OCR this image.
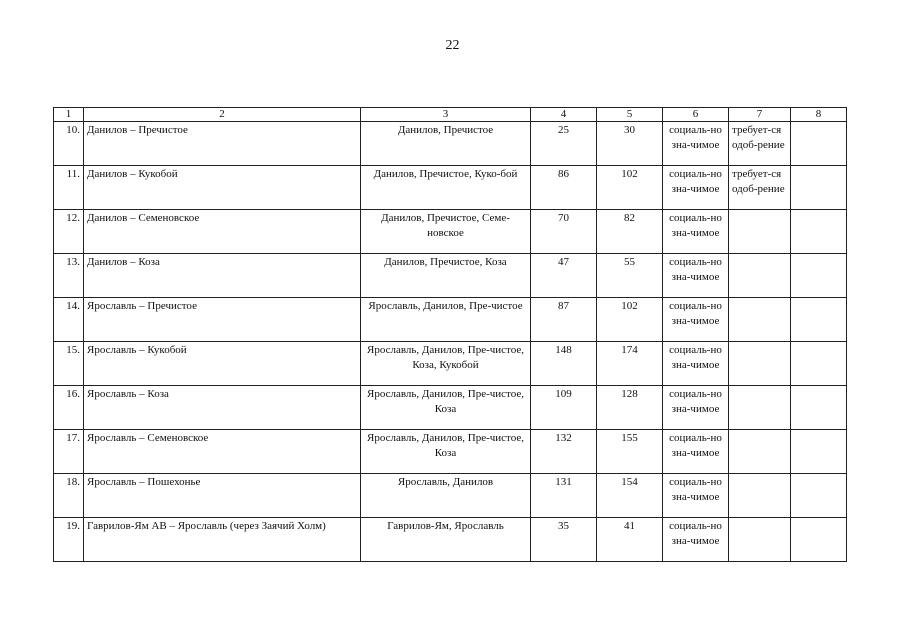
22
1	2	3	4	5	6	7	8
10.	Данилов – Пречистое	Данилов, Пречистое	25	30	социаль-но зна-чимое	требует-ся одоб-рение	
11.	Данилов – Кукобой	Данилов, Пречистое, Куко-бой	86	102	социаль-но зна-чимое	требует-ся одоб-рение	
12.	Данилов – Семеновское	Данилов, Пречистое, Семе-новское	70	82	социаль-но зна-чимое		
13.	Данилов – Коза	Данилов, Пречистое, Коза	47	55	социаль-но зна-чимое		
14.	Ярославль – Пречистое	Ярославль, Данилов, Пре-чистое	87	102	социаль-но зна-чимое		
15.	Ярославль – Кукобой	Ярославль, Данилов, Пре-чистое, Коза, Кукобой	148	174	социаль-но зна-чимое		
16.	Ярославль – Коза	Ярославль, Данилов, Пре-чистое, Коза	109	128	социаль-но зна-чимое		
17.	Ярославль – Семеновское	Ярославль, Данилов, Пре-чистое, Коза	132	155	социаль-но зна-чимое		
18.	Ярославль – Пошехонье	Ярославль, Данилов	131	154	социаль-но зна-чимое		
19.	Гаврилов-Ям АВ – Ярославль (через Заячий Холм)	Гаврилов-Ям, Ярославль	35	41	социаль-но зна-чимое		
